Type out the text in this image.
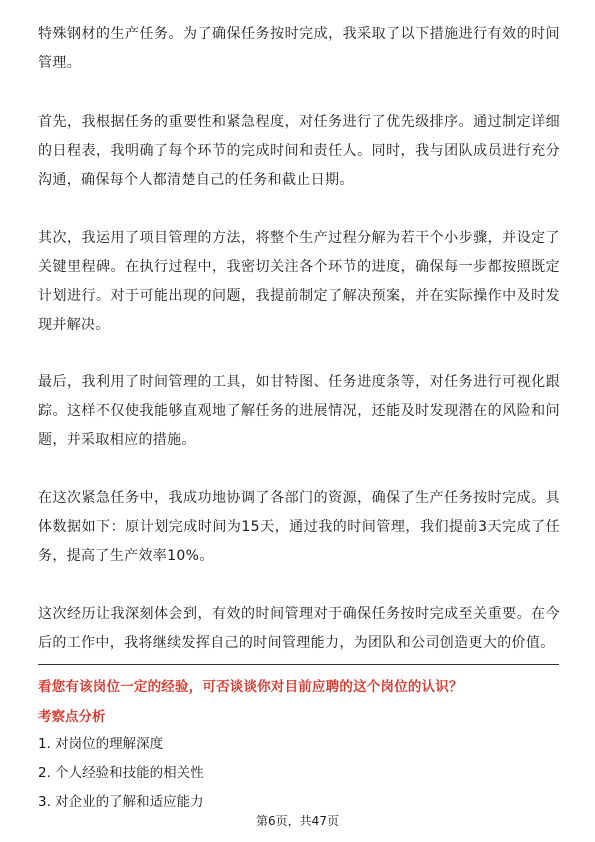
特殊钢材的生产任务。为了确保任务按时完成，我采取了以下措施进行有效的时间管理。

首先，我根据任务的重要性和紧急程度，对任务进行了优先级排序。通过制定详细的日程表，我明确了每个环节的完成时间和责任人。同时，我与团队成员进行充分沟通，确保每个人都清楚自己的任务和截止日期。

其次，我运用了项目管理的方法，将整个生产过程分解为若干个小步骤，并设定了关键里程碑。在执行过程中，我密切关注各个环节的进度，确保每一步都按照既定计划进行。对于可能出现的问题，我提前制定了解决预案，并在实际操作中及时发现并解决。

最后，我利用了时间管理的工具，如甘特图、任务进度条等，对任务进行可视化跟踪。这样不仅使我能够直观地了解任务的进展情况，还能及时发现潜在的风险和问题，并采取相应的措施。

在这次紧急任务中，我成功地协调了各部门的资源，确保了生产任务按时完成。具体数据如下：原计划完成时间为15天，通过我的时间管理，我们提前3天完成了任务，提高了生产效率10%。

这次经历让我深刻体会到，有效的时间管理对于确保任务按时完成至关重要。在今后的工作中，我将继续发挥自己的时间管理能力，为团队和公司创造更大的价值。

看您有该岗位一定的经验，可否谈谈你对目前应聘的这个岗位的认识？

考察点分析

1. 对岗位的理解深度
2. 个人经验和技能的相关性
3. 对企业的了解和适应能力
第6页，共47页
